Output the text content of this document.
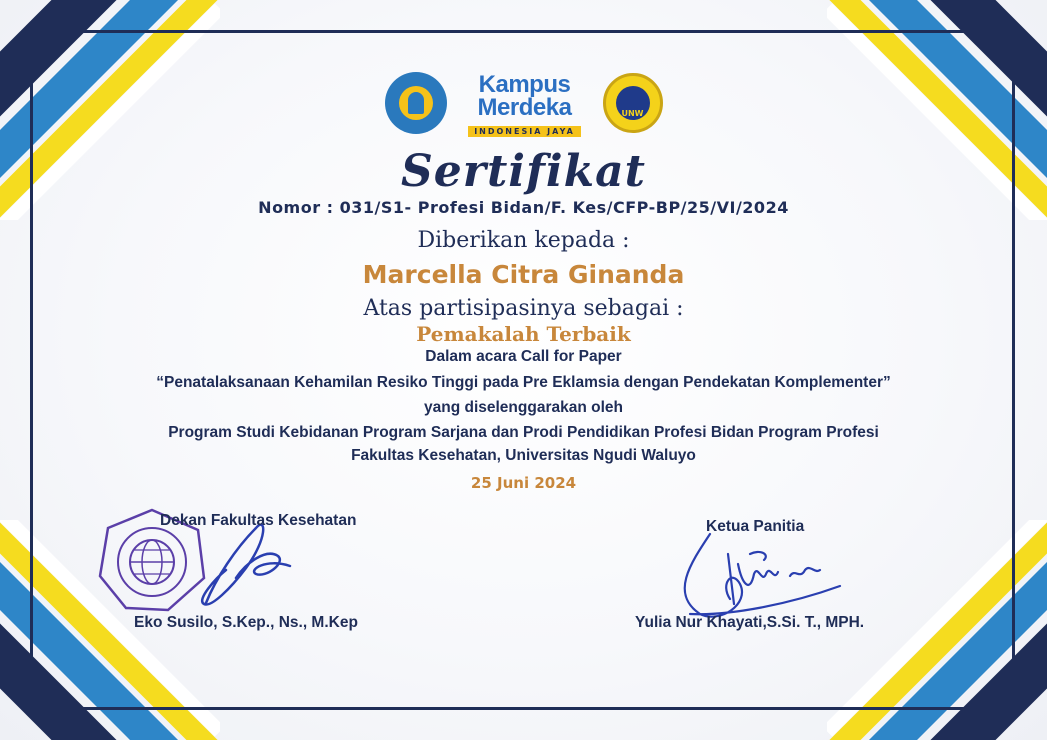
Kampus
Merdeka
INDONESIA JAYA
UNW
Sertifikat
Nomor : 031/S1- Profesi Bidan/F. Kes/CFP-BP/25/VI/2024
Diberikan kepada :
Marcella Citra Ginanda
Atas partisipasinya sebagai :
Pemakalah Terbaik
Dalam acara Call for Paper
“Penatalaksanaan Kehamilan Resiko Tinggi pada Pre Eklamsia dengan Pendekatan Komplementer”
yang diselenggarakan oleh
Program Studi Kebidanan Program Sarjana dan Prodi Pendidikan Profesi Bidan Program Profesi
Fakultas Kesehatan, Universitas Ngudi Waluyo
25 Juni 2024
Dekan Fakultas Kesehatan
Eko Susilo, S.Kep., Ns., M.Kep
Ketua Panitia
Yulia Nur Khayati,S.Si. T., MPH.
